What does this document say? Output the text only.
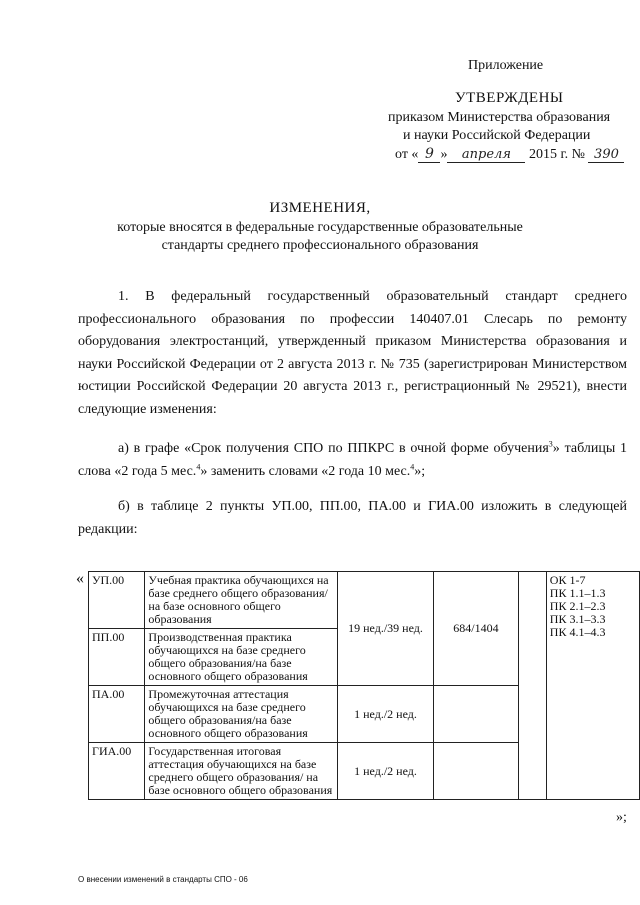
Приложение
УТВЕРЖДЕНЫ
приказом Министерства образования
и науки Российской Федерации
от « 9 » апреля 2015 г. № 390
ИЗМЕНЕНИЯ,
которые вносятся в федеральные государственные образовательные
стандарты среднего профессионального образования
1. В федеральный государственный образовательный стандарт среднего профессионального образования по профессии 140407.01 Слесарь по ремонту оборудования электростанций, утвержденный приказом Министерства образования и науки Российской Федерации от 2 августа 2013 г. № 735 (зарегистрирован Министерством юстиции Российской Федерации 20 августа 2013 г., регистрационный № 29521), внести следующие изменения:
а) в графе «Срок получения СПО по ППКРС в очной форме обучения$^3$» таблицы 1 слова «2 года 5 мес.$^4$» заменить словами «2 года 10 мес.$^4$»;
б) в таблице 2 пункты УП.00, ПП.00, ПА.00 и ГИА.00 изложить в следующей редакции:
« УП.00	Учебная практика обучающихся на базе среднего общего образования/на базе основного общего образования	19 нед./39 нед.	684/1404		ОК 1-7
ПК 1.1–1.3
ПК 2.1–2.3
ПК 3.1–3.3
ПК 4.1–4.3

ПП.00	Производственная практика обучающихся на базе среднего общего образования/на базе основного общего образования				
ПА.00	Промежуточная аттестация обучающихся на базе среднего общего образования/на базе основного общего образования	1 нед./2 нед.			
ГИА.00	Государственная итоговая аттестация обучающихся на базе среднего общего образования/ на базе основного общего образования	1 нед./2 нед.			
»;
О внесении изменений в стандарты СПО - 06
